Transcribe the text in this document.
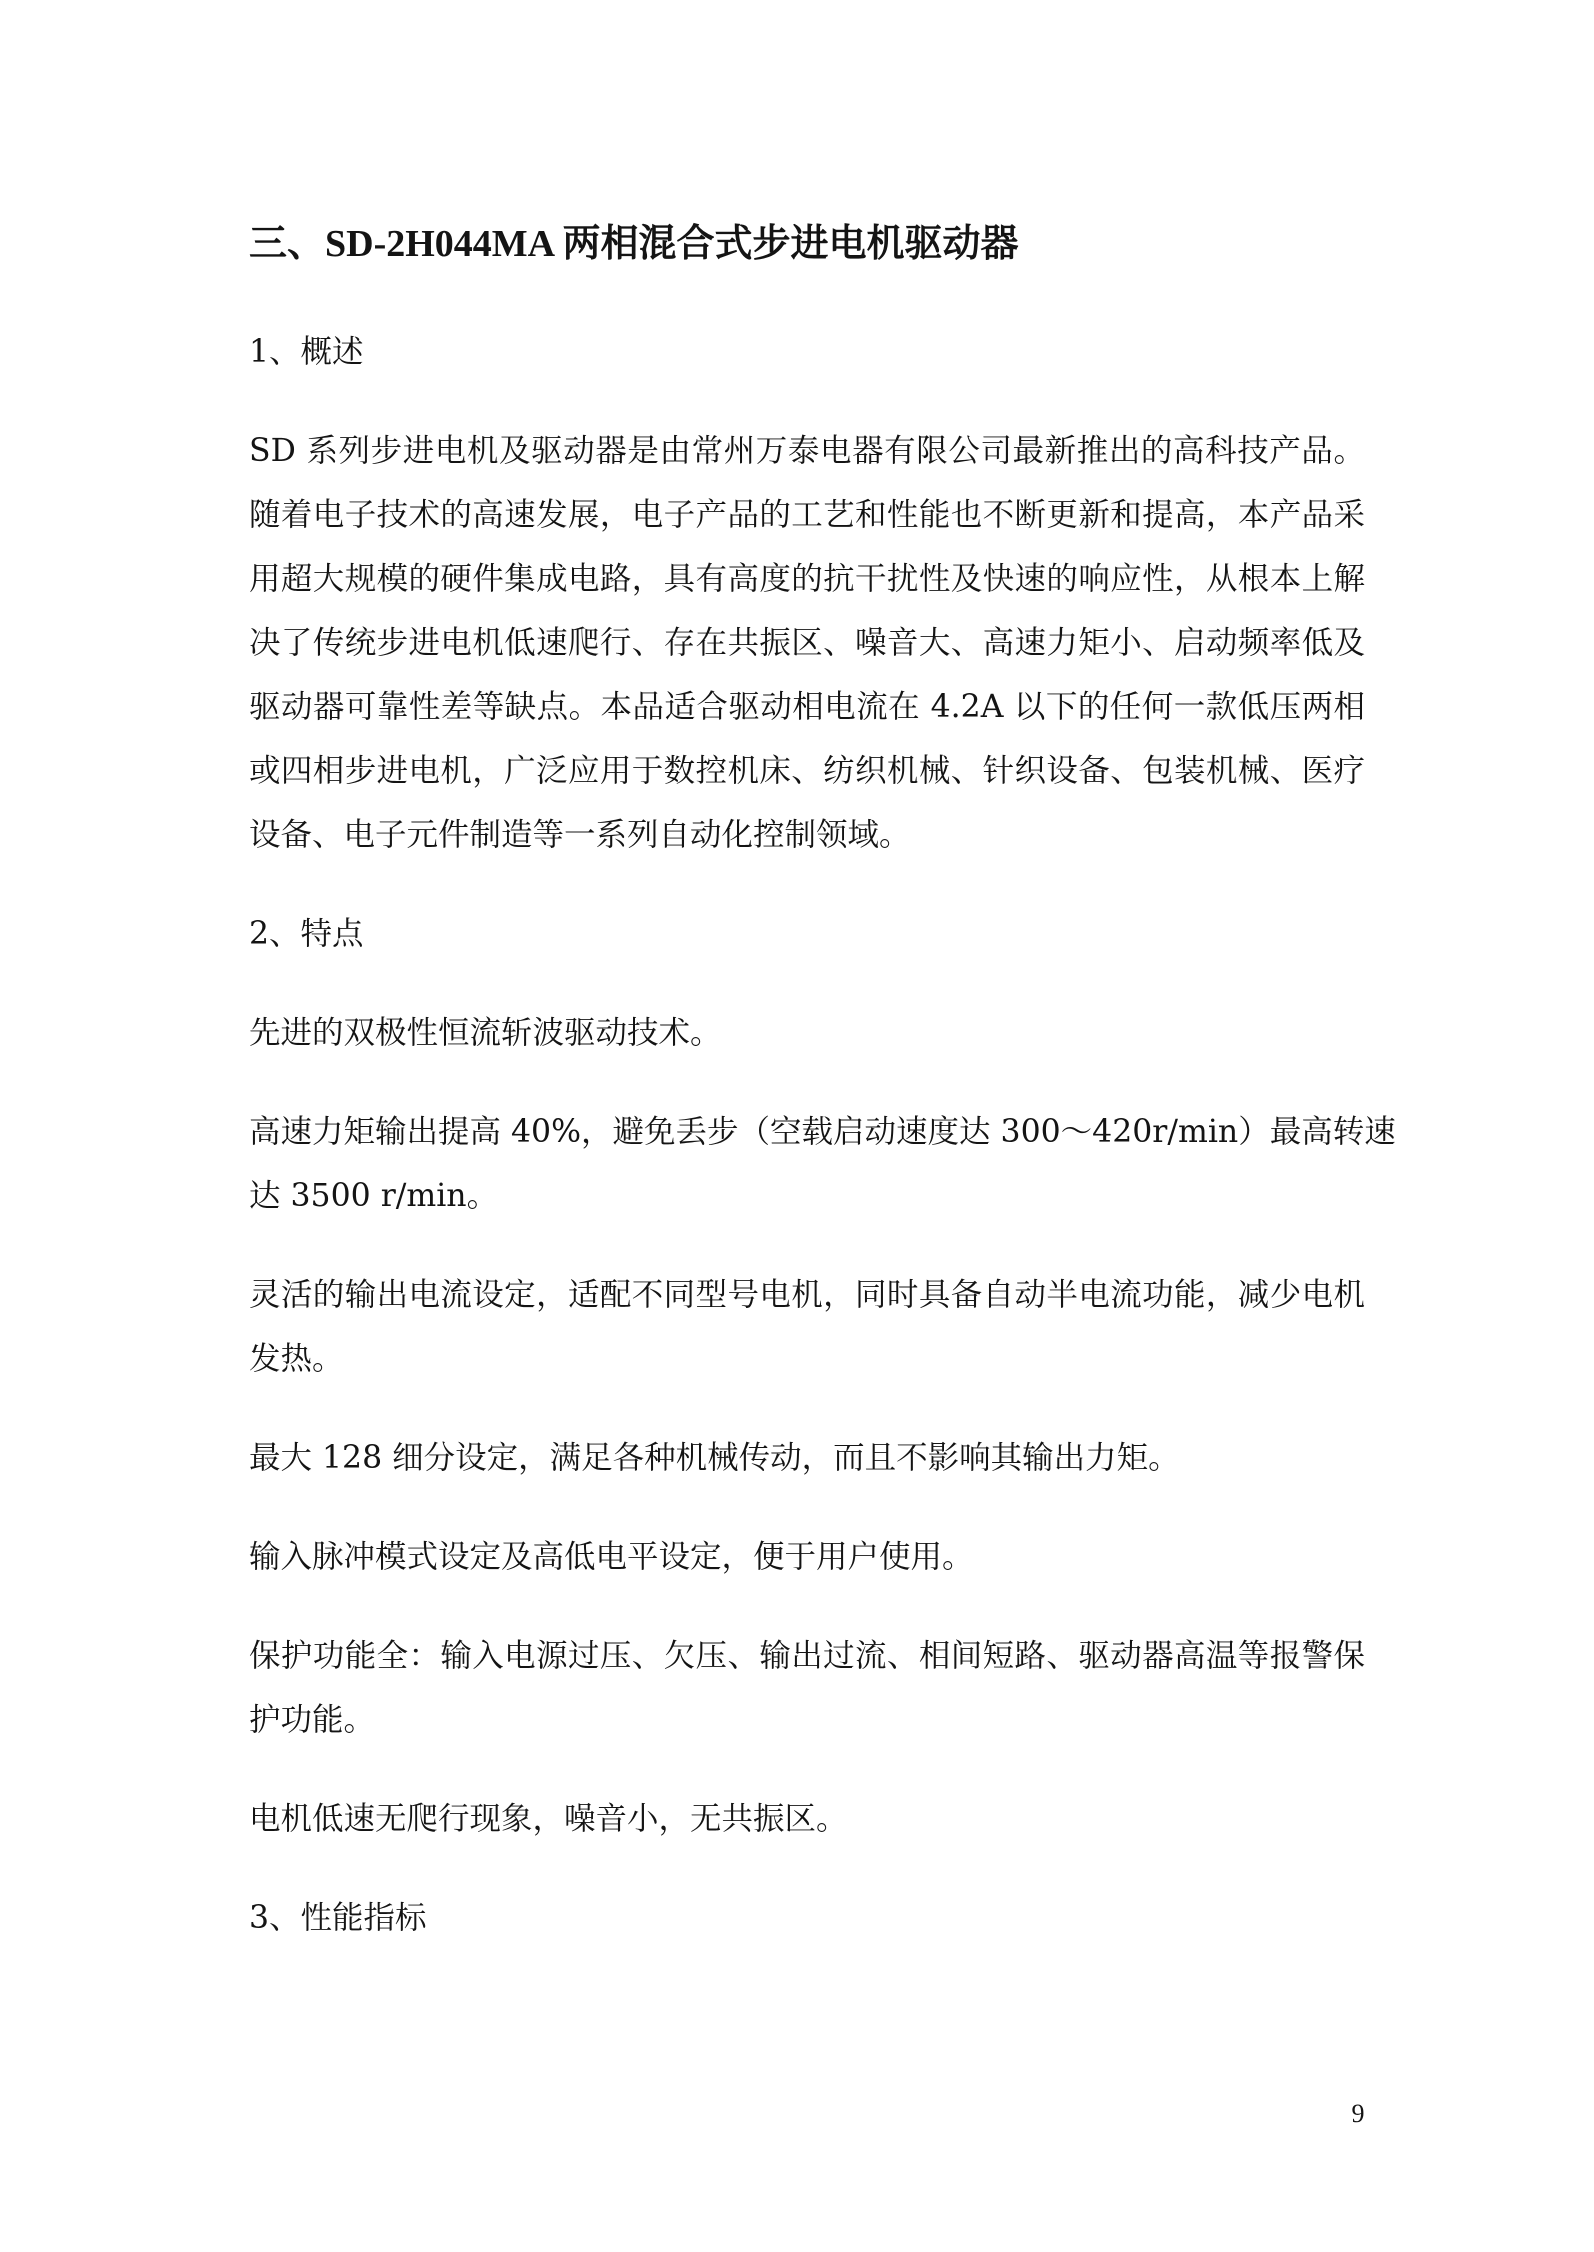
三、SD-2H044MA 两相混合式步进电机驱动器
1、概述
SD 系列步进电机及驱动器是由常州万泰电器有限公司最新推出的高科技产品。
随着电子技术的高速发展，电子产品的工艺和性能也不断更新和提高，本产品采
用超大规模的硬件集成电路，具有高度的抗干扰性及快速的响应性，从根本上解
决了传统步进电机低速爬行、存在共振区、噪音大、高速力矩小、启动频率低及
驱动器可靠性差等缺点。本品适合驱动相电流在 4.2A 以下的任何一款低压两相
或四相步进电机，广泛应用于数控机床、纺织机械、针织设备、包装机械、医疗
设备、电子元件制造等一系列自动化控制领域。
2、特点
先进的双极性恒流斩波驱动技术。
高速力矩输出提高 40%，避免丢步（空载启动速度达 300～420r/min）最高转速
达 3500 r/min。
灵活的输出电流设定，适配不同型号电机，同时具备自动半电流功能，减少电机
发热。
最大 128 细分设定，满足各种机械传动，而且不影响其输出力矩。
输入脉冲模式设定及高低电平设定，便于用户使用。
保护功能全：输入电源过压、欠压、输出过流、相间短路、驱动器高温等报警保
护功能。
电机低速无爬行现象，噪音小，无共振区。
3、性能指标
9
